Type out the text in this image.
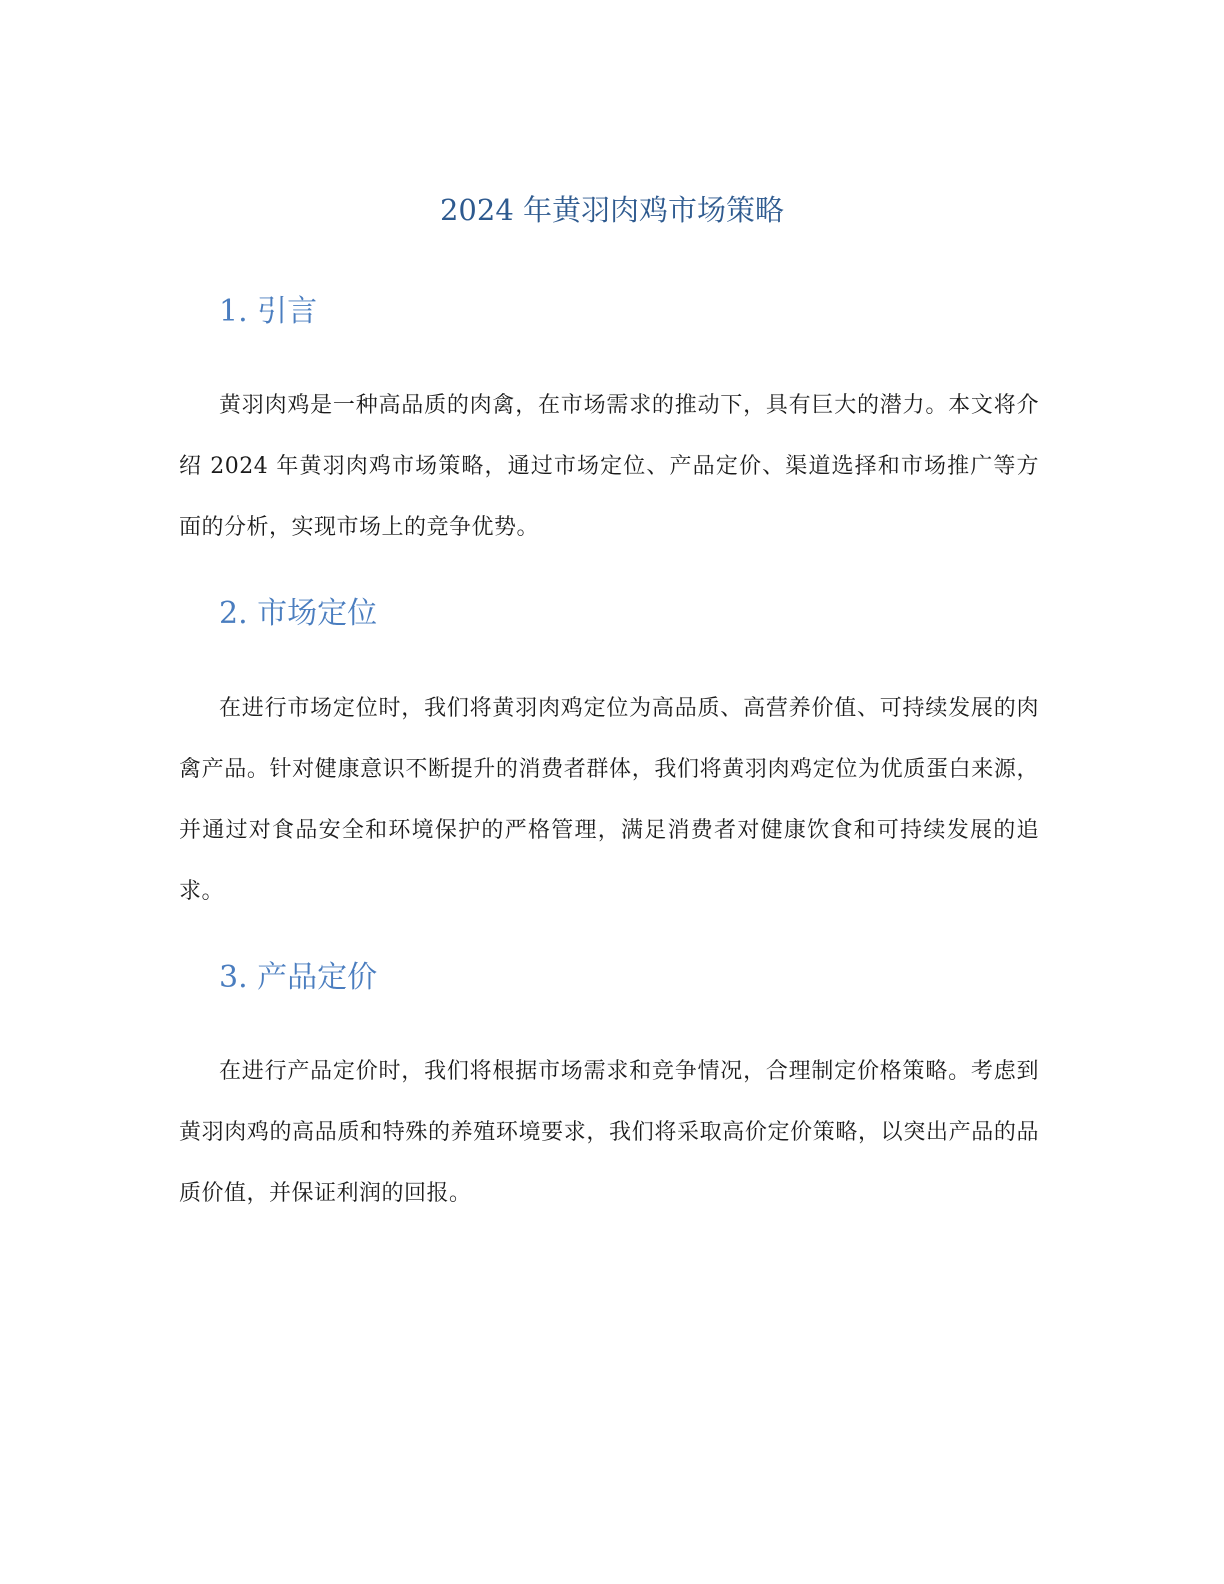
2024 年黄羽肉鸡市场策略
1. 引言

黄羽肉鸡是一种高品质的肉禽，在市场需求的推动下，具有巨大的潜力。本文将介绍 2024 年黄羽肉鸡市场策略，通过市场定位、产品定价、渠道选择和市场推广等方面的分析，实现市场上的竞争优势。

2. 市场定位

在进行市场定位时，我们将黄羽肉鸡定位为高品质、高营养价值、可持续发展的肉禽产品。针对健康意识不断提升的消费者群体，我们将黄羽肉鸡定位为优质蛋白来源，并通过对食品安全和环境保护的严格管理，满足消费者对健康饮食和可持续发展的追求。

3. 产品定价

在进行产品定价时，我们将根据市场需求和竞争情况，合理制定价格策略。考虑到黄羽肉鸡的高品质和特殊的养殖环境要求，我们将采取高价定价策略，以突出产品的品质价值，并保证利润的回报。
